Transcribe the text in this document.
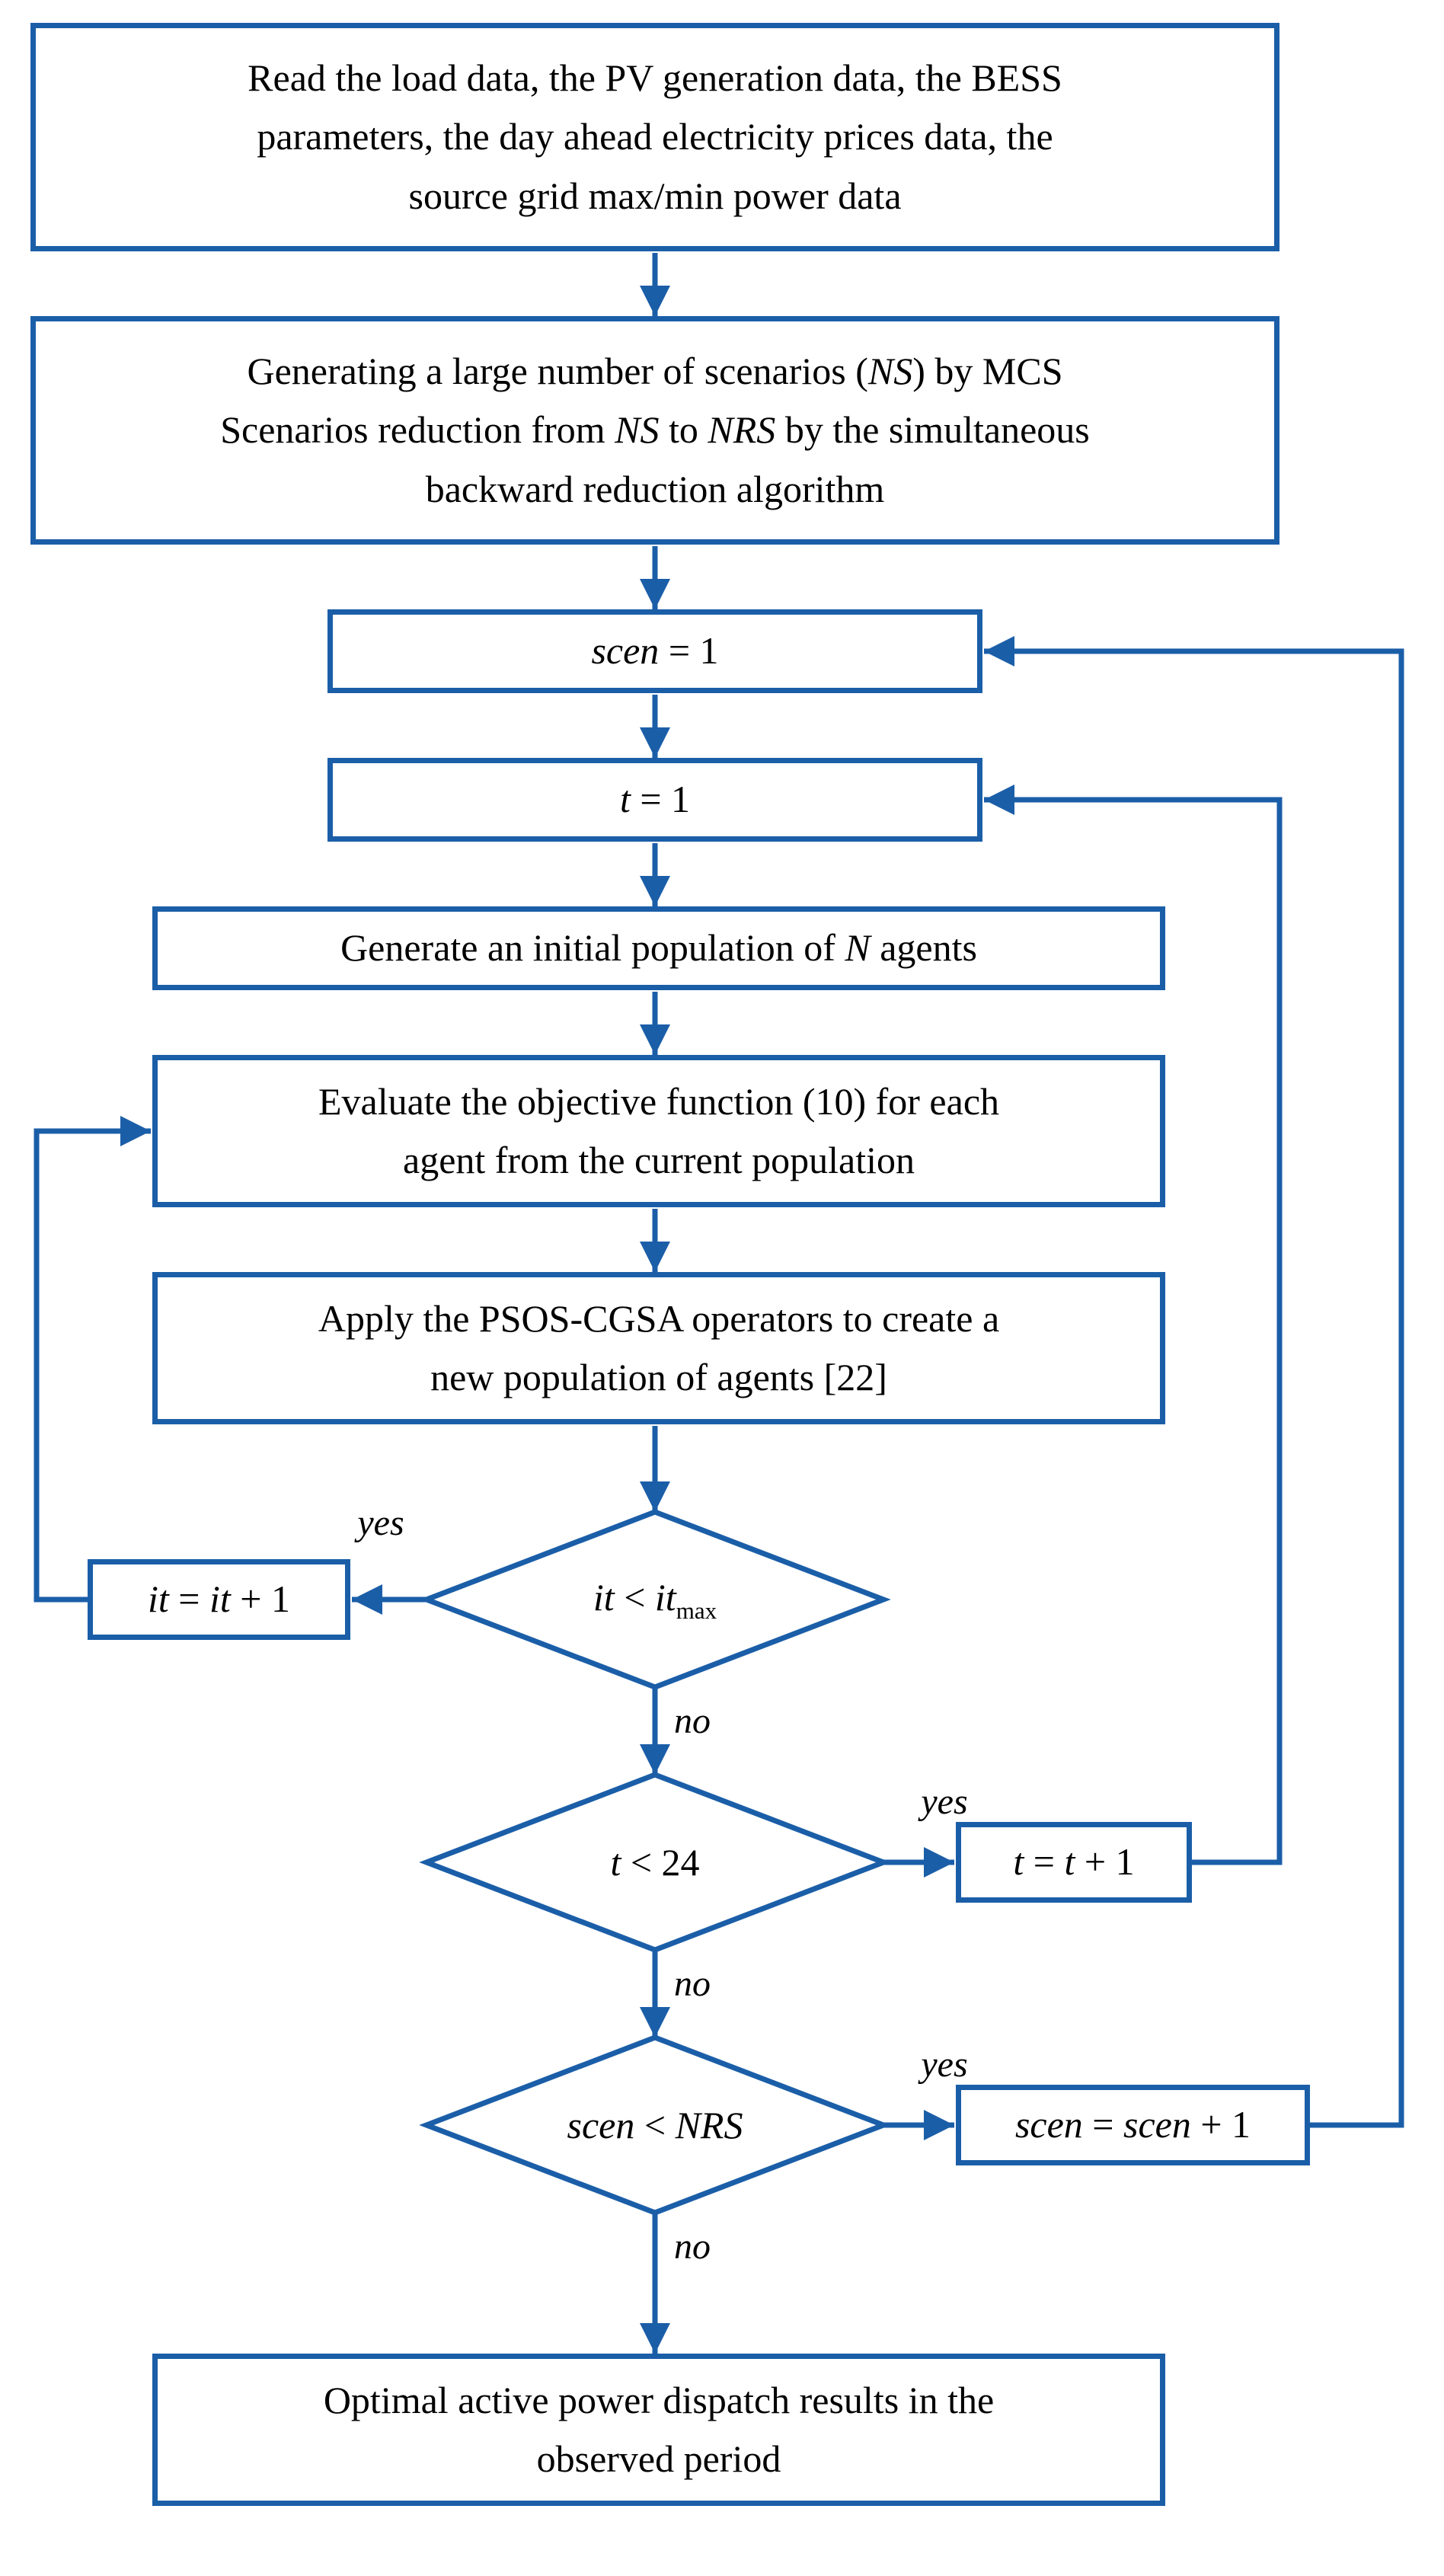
Read the load data, the PV generation data, the BESS
parameters, the day ahead electricity prices data, the
source grid max/min power data
Generating a large number of scenarios (NS) by MCS
Scenarios reduction from NS to NRS by the simultaneous
backward reduction algorithm
scen = 1
t = 1
Generate an initial population of N agents
Evaluate the objective function (10) for each
agent from the current population
Apply the PSOS-CGSA operators to create a
new population of agents [22]
it = it + 1
t = t + 1
scen = scen + 1
Optimal active power dispatch results in the
observed period
it < $it_{max}$
t < 24
scen < NRS
yes
no
yes
no
yes
no
